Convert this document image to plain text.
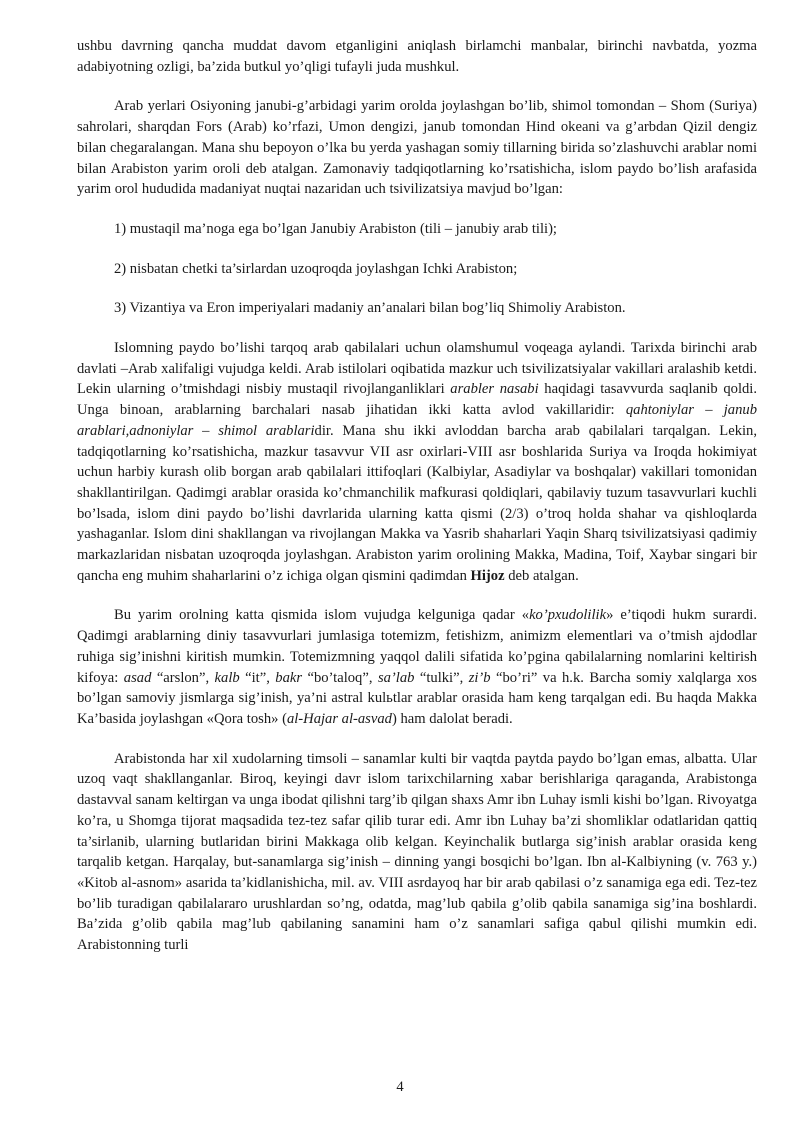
ushbu davrning qancha muddat davom etganligini aniqlash birlamchi manbalar, birinchi navbatda, yozma adabiyotning ozligi, ba’zida butkul yo’qligi tufayli juda mushkul.

Arab yerlari Osiyoning janubi-g’arbidagi yarim orolda joylashgan bo’lib, shimol tomondan – Shom (Suriya) sahrolari, sharqdan Fors (Arab) ko’rfazi, Umon dengizi, janub tomondan Hind okeani va g’arbdan Qizil dengiz bilan chegaralangan. Mana shu bepoyon o’lka bu yerda yashagan somiy tillarning birida so’zlashuvchi arablar nomi bilan Arabiston yarim oroli deb atalgan. Zamonaviy tadqiqotlarning ko’rsatishicha, islom paydo bo’lish arafasida yarim orol hududida madaniyat nuqtai nazaridan uch tsivilizatsiya mavjud bo’lgan:

1) mustaqil ma’noga ega bo’lgan Janubiy Arabiston (tili – janubiy arab tili);

2) nisbatan chetki ta’sirlardan uzoqroqda joylashgan Ichki Arabiston;

3) Vizantiya va Eron imperiyalari madaniy an’analari bilan bog’liq Shimoliy Arabiston.

Islomning paydo bo’lishi tarqoq arab qabilalari uchun olamshumul voqeaga aylandi. Tarixda birinchi arab davlati –Arab xalifaligi vujudga keldi. Arab istilolari oqibatida mazkur uch tsivilizatsiyalar vakillari aralashib ketdi. Lekin ularning o’tmishdagi nisbiy mustaqil rivojlanganliklari arabler nasabi haqidagi tasavvurda saqlanib qoldi. Unga binoan, arablarning barchalari nasab jihatidan ikki katta avlod vakillaridir: qahtoniylar – janub arablari,adnoniylar – shimol arablaridir. Mana shu ikki avloddan barcha arab qabilalari tarqalgan. Lekin, tadqiqotlarning ko’rsatishicha, mazkur tasavvur VII asr oxirlari-VIII asr boshlarida Suriya va Iroqda hokimiyat uchun harbiy kurash olib borgan arab qabilalari ittifoqlari (Kalbiylar, Asadiylar va boshqalar) vakillari tomonidan shakllantirilgan. Qadimgi arablar orasida ko’chmanchilik mafkurasi qoldiqlari, qabilaviy tuzum tasavvurlari kuchli bo’lsada, islom dini paydo bo’lishi davrlarida ularning katta qismi (2/3) o’troq holda shahar va qishloqlarda yashaganlar. Islom dini shakllangan va rivojlangan Makka va Yasrib shaharlari Yaqin Sharq tsivilizatsiyasi qadimiy markazlaridan nisbatan uzoqroqda joylashgan. Arabiston yarim orolining Makka, Madina, Toif, Xaybar singari bir qancha eng muhim shaharlarini o’z ichiga olgan qismini qadimdan Hijoz deb atalgan.

Bu yarim orolning katta qismida islom vujudga kelguniga qadar «ko’pxudolilik» e’tiqodi hukm surardi. Qadimgi arablarning diniy tasavvurlari jumlasiga totemizm, fetishizm, animizm elementlari va o’tmish ajdodlar ruhiga sig’inishni kiritish mumkin. Totemizmning yaqqol dalili sifatida ko’pgina qabilalarning nomlarini keltirish kifoya: asad “arslon”, kalb “it”, bakr “bo’taloq”, sa’lab “tulki”, zi’b “bo’ri” va h.k. Barcha somiy xalqlarga xos bo’lgan samoviy jismlarga sig’inish, ya’ni astral kulьtlar arablar orasida ham keng tarqalgan edi. Bu haqda Makka Ka’basida joylashgan «Qora tosh» (al-Hajar al-asvad) ham dalolat beradi.

Arabistonda har xil xudolarning timsoli – sanamlar kulti bir vaqtda paytda paydo bo’lgan emas, albatta. Ular uzoq vaqt shakllanganlar. Biroq, keyingi davr islom tarixchilarning xabar berishlariga qaraganda, Arabistonga dastavval sanam keltirgan va unga ibodat qilishni targ’ib qilgan shaxs Amr ibn Luhay ismli kishi bo’lgan. Rivoyatga ko’ra, u Shomga tijorat maqsadida tez-tez safar qilib turar edi. Amr ibn Luhay ba’zi shomliklar odatlaridan qattiq ta’sirlanib, ularning butlaridan birini Makkaga olib kelgan. Keyinchalik butlarga sig’inish arablar orasida keng tarqalib ketgan. Harqalay, but-sanamlarga sig’inish – dinning yangi bosqichi bo’lgan. Ibn al-Kalbiyning (v. 763 y.) «Kitob al-asnom» asarida ta’kidlanishicha, mil. av. VIII asrdayoq har bir arab qabilasi o’z sanamiga ega edi. Tez-tez bo’lib turadigan qabilalararo urushlardan so’ng, odatda, mag’lub qabila g’olib qabila sanamiga sig’ina boshlardi. Ba’zida g’olib qabila mag’lub qabilaning sanamini ham o’z sanamlari safiga qabul qilishi mumkin edi. Arabistonning turli

4
